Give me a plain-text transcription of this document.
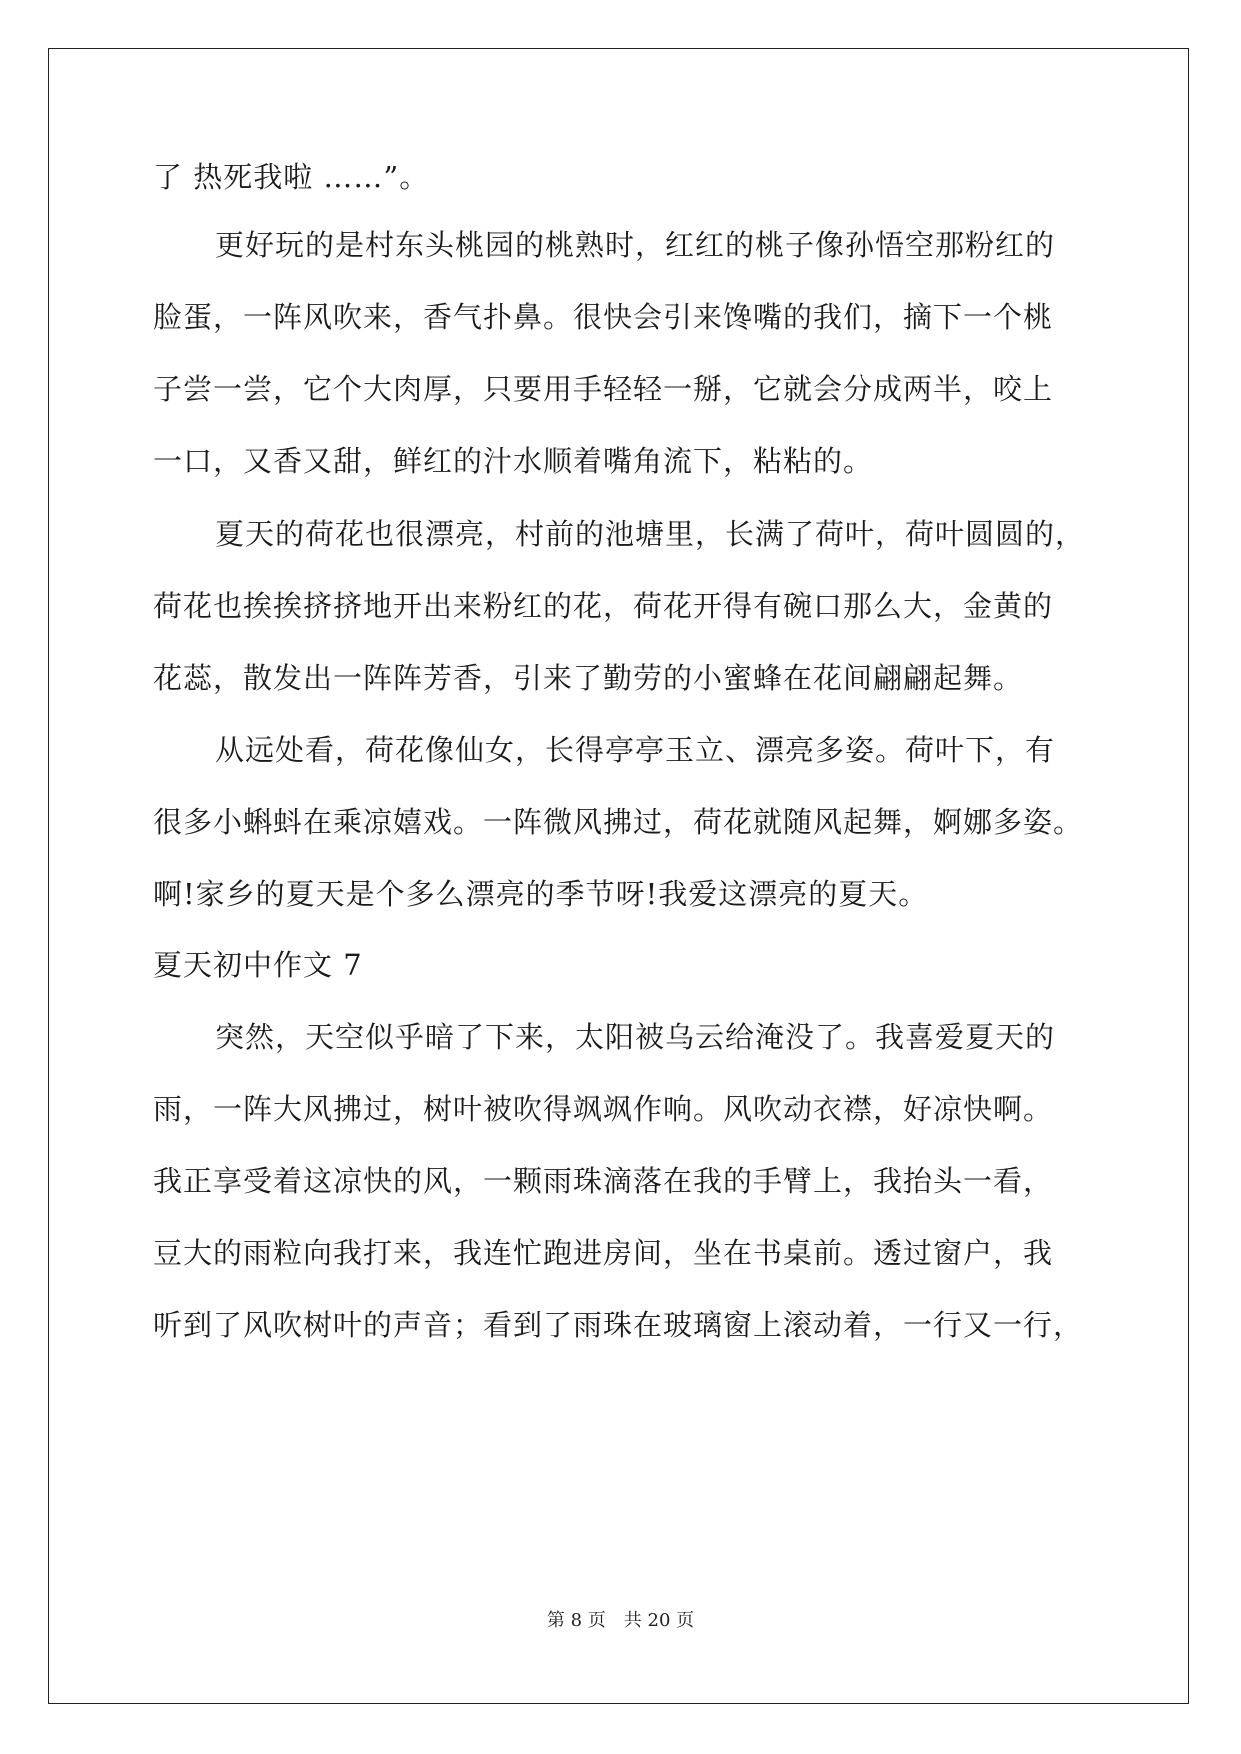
了 热死我啦 ……”。
更好玩的是村东头桃园的桃熟时，红红的桃子像孙悟空那粉红的
脸蛋，一阵风吹来，香气扑鼻。很快会引来馋嘴的我们，摘下一个桃
子尝一尝，它个大肉厚，只要用手轻轻一掰，它就会分成两半，咬上
一口，又香又甜，鲜红的汁水顺着嘴角流下，粘粘的。
夏天的荷花也很漂亮，村前的池塘里，长满了荷叶，荷叶圆圆的，
荷花也挨挨挤挤地开出来粉红的花，荷花开得有碗口那么大，金黄的
花蕊，散发出一阵阵芳香，引来了勤劳的小蜜蜂在花间翩翩起舞。
从远处看，荷花像仙女，长得亭亭玉立、漂亮多姿。荷叶下，有
很多小蝌蚪在乘凉嬉戏。一阵微风拂过，荷花就随风起舞，婀娜多姿。
啊!家乡的夏天是个多么漂亮的季节呀!我爱这漂亮的夏天。
夏天初中作文 7
突然，天空似乎暗了下来，太阳被乌云给淹没了。我喜爱夏天的
雨，一阵大风拂过，树叶被吹得飒飒作响。风吹动衣襟，好凉快啊。
我正享受着这凉快的风，一颗雨珠滴落在我的手臂上，我抬头一看，
豆大的雨粒向我打来，我连忙跑进房间，坐在书桌前。透过窗户，我
听到了风吹树叶的声音；看到了雨珠在玻璃窗上滚动着，一行又一行，
第 8 页　共 20 页
